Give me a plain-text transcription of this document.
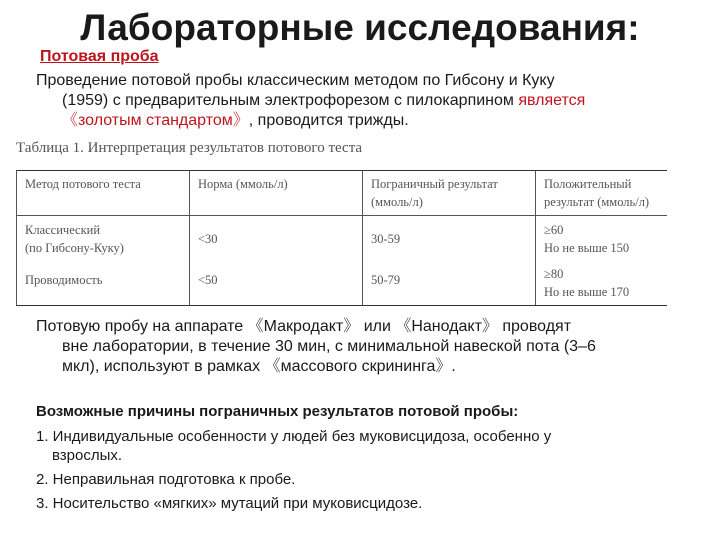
Лабораторные исследования:
Потовая проба
Проведение потовой пробы классическим методом по Гибсону и Куку
(1959) с предварительным электрофорезом с пилокарпином является
《золотым стандартом》, проводится трижды.
Таблица 1. Интерпретация результатов потового теста
Метод потового теста
Классический
(по Гибсону-Куку)
Проводимость
Норма (ммоль/л)
<30
<50
Пограничный результат
(ммоль/л)
30-59
50-79
Положительный
результат (ммоль/л)
≥60
Но не выше 150
≥80
Но не выше 170
Потовую пробу на аппарате 《Макродакт》 или 《Нанодакт》 проводят
вне лаборатории, в течение 30 мин, с минимальной навеской пота (3–6
мкл), используют в рамках 《массового скрининга》.
Возможные причины пограничных результатов потовой пробы:
1. Индивидуальные особенности у людей без муковисцидоза, особенно у
взрослых.
2. Неправильная подготовка к пробе.
3. Носительство «мягких» мутаций при муковисцидозе.
